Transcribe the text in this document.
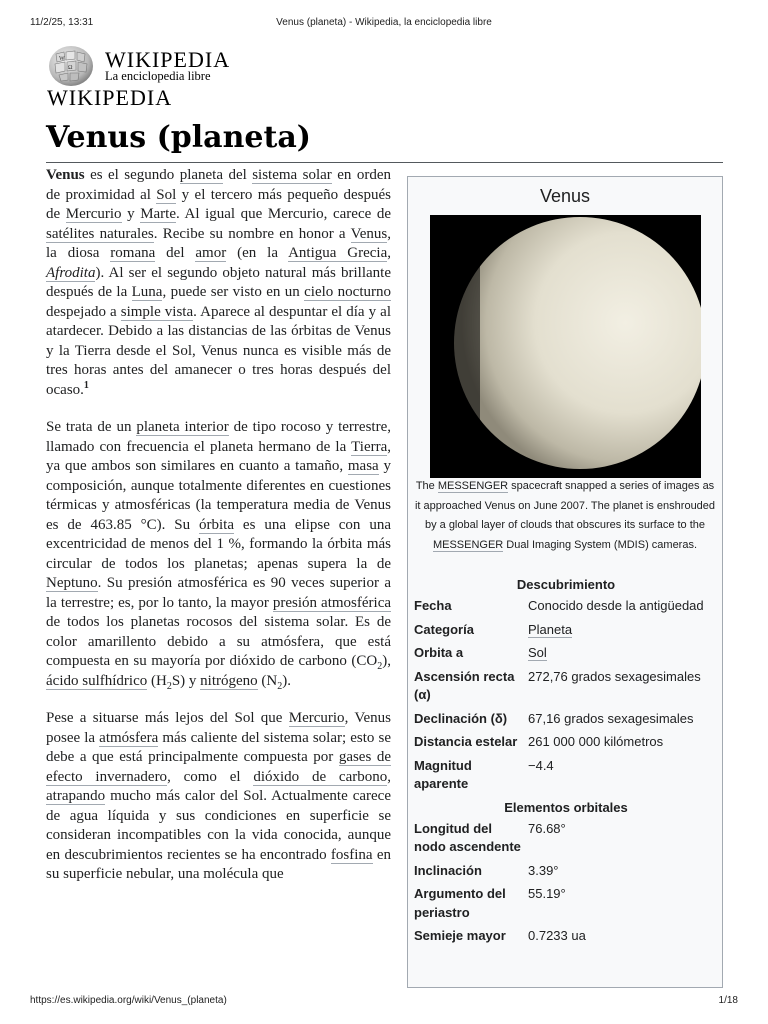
11/2/25, 13:31	Venus (planeta) - Wikipedia, la enciclopedia libre
W
Ω WIKIPEDIA
La enciclopedia libre
WIKIPEDIA
Venus (planeta)

Venus es el segundo planeta del sistema solar en orden de proximidad al Sol y el tercero más pequeño después de Mercurio y Marte. Al igual que Mercurio, carece de satélites naturales. Recibe su nombre en honor a Venus, la diosa romana del amor (en la Antigua Grecia, Afrodita). Al ser el segundo objeto natural más brillante después de la Luna, puede ser visto en un cielo nocturno despejado a simple vista. Aparece al despuntar el día y al atardecer. Debido a las distancias de las órbitas de Venus y la Tierra desde el Sol, Venus nunca es visible más de tres horas antes del amanecer o tres horas después del ocaso.$^1$

Se trata de un planeta interior de tipo rocoso y terrestre, llamado con frecuencia el planeta hermano de la Tierra, ya que ambos son similares en cuanto a tamaño, masa y composición, aunque totalmente diferentes en cuestiones térmicas y atmosféricas (la temperatura media de Venus es de 463.85 °C). Su órbita es una elipse con una excentricidad de menos del 1 %, formando la órbita más circular de todos los planetas; apenas supera la de Neptuno. Su presión atmosférica es 90 veces superior a la terrestre; es, por lo tanto, la mayor presión atmosférica de todos los planetas rocosos del sistema solar. Es de color amarillento debido a su atmósfera, que está compuesta en su mayoría por dióxido de carbono $(CO_2)$, ácido sulfhídrico $(H_2S)$ y nitrógeno $(N_2)$.

Pese a situarse más lejos del Sol que Mercurio, Venus posee la atmósfera más caliente del sistema solar; esto se debe a que está principalmente compuesta por gases de efecto invernadero, como el dióxido de carbono, atrapando mucho más calor del Sol. Actualmente carece de agua líquida y sus condiciones en superficie se consideran incompatibles con la vida conocida, aunque en descubrimientos recientes se ha encontrado fosfina en su superficie nebular, una molécula que

Venus
The MESSENGER spacecraft snapped a series of images as it approached Venus on June 2007. The planet is enshrouded by a global layer of clouds that obscures its surface to the MESSENGER Dual Imaging System (MDIS) cameras.
Descubrimiento	
Fecha	Conocido desde la antigüedad
Categoría	Planeta
Orbita a	Sol
Ascensión recta (α)	272,76 grados sexagesimales
Declinación (δ)	67,16 grados sexagesimales
Distancia estelar	261 000 000 kilómetros
Magnitud aparente	−4.4
Elementos orbitales	
Longitud del nodo ascendente	76.68°
Inclinación	3.39°
Argumento del periastro	55.19°
Semieje mayor	0.7233 ua
https://es.wikipedia.org/wiki/Venus_(planeta)	1/18
